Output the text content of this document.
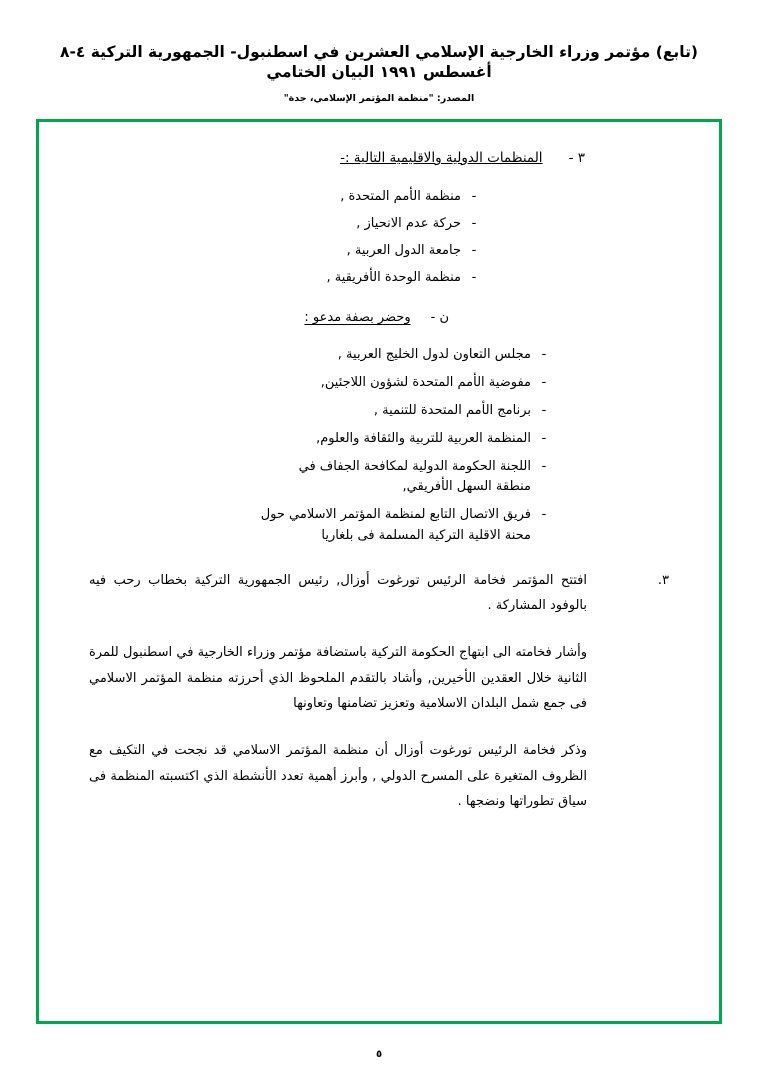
(تابع) مؤتمر وزراء الخارجية الإسلامي العشرين في اسطنبول- الجمهورية التركية ٤-٨ أغسطس ١٩٩١ البيان الختامي
المصدر: "منظمة المؤتمر الإسلامي، جدة"
٣ -
المنظمات الدولية والاقليمية التالية :-
-
منظمة الأمم المتحدة ,
-
حركة عدم الانحياز ,
-
جامعة الدول العربية ,
-
منظمة الوحدة الأفريقية ,
ن -
وحضر بصفة مدعو :
-
مجلس التعاون لدول الخليج العربية ,
-
مفوضية الأمم المتحدة لشؤون اللاجئين,
-
برنامج الأمم المتحدة للتنمية ,
-
المنظمة العربية للتربية والثقافة والعلوم,
-
اللجنة الحكومة الدولية لمكافحة الجفاف في
منطقة السهل الأفريقي,
-
فريق الاتصال التابع لمنظمة المؤتمر الاسلامي حول
محنة الاقلية التركية المسلمة فى بلغاريا

٣.
افتتح المؤتمر فخامة الرئيس تورغوت أوزال, رئيس الجمهورية التركية بخطاب رحب فيه بالوفود المشاركة .

وأشار فخامته الى ابتهاج الحكومة التركية باستضافة مؤتمر وزراء الخارجية في اسطنبول للمرة الثانية خلال العقدين الأخيرين, وأشاد بالتقدم الملحوظ الذي أحرزته منظمة المؤتمر الاسلامي فى جمع شمل البلدان الاسلامية وتعزيز تضامنها وتعاونها

وذكر فخامة الرئيس تورغوت أوزال أن منظمة المؤتمر الاسلامي قد نجحت في التكيف مع الظروف المتغيرة على المسرح الدولي , وأبرز أهمية تعدد الأنشطة الذي اكتسبته المنظمة فى سياق تطوراتها ونضجها .

٥
